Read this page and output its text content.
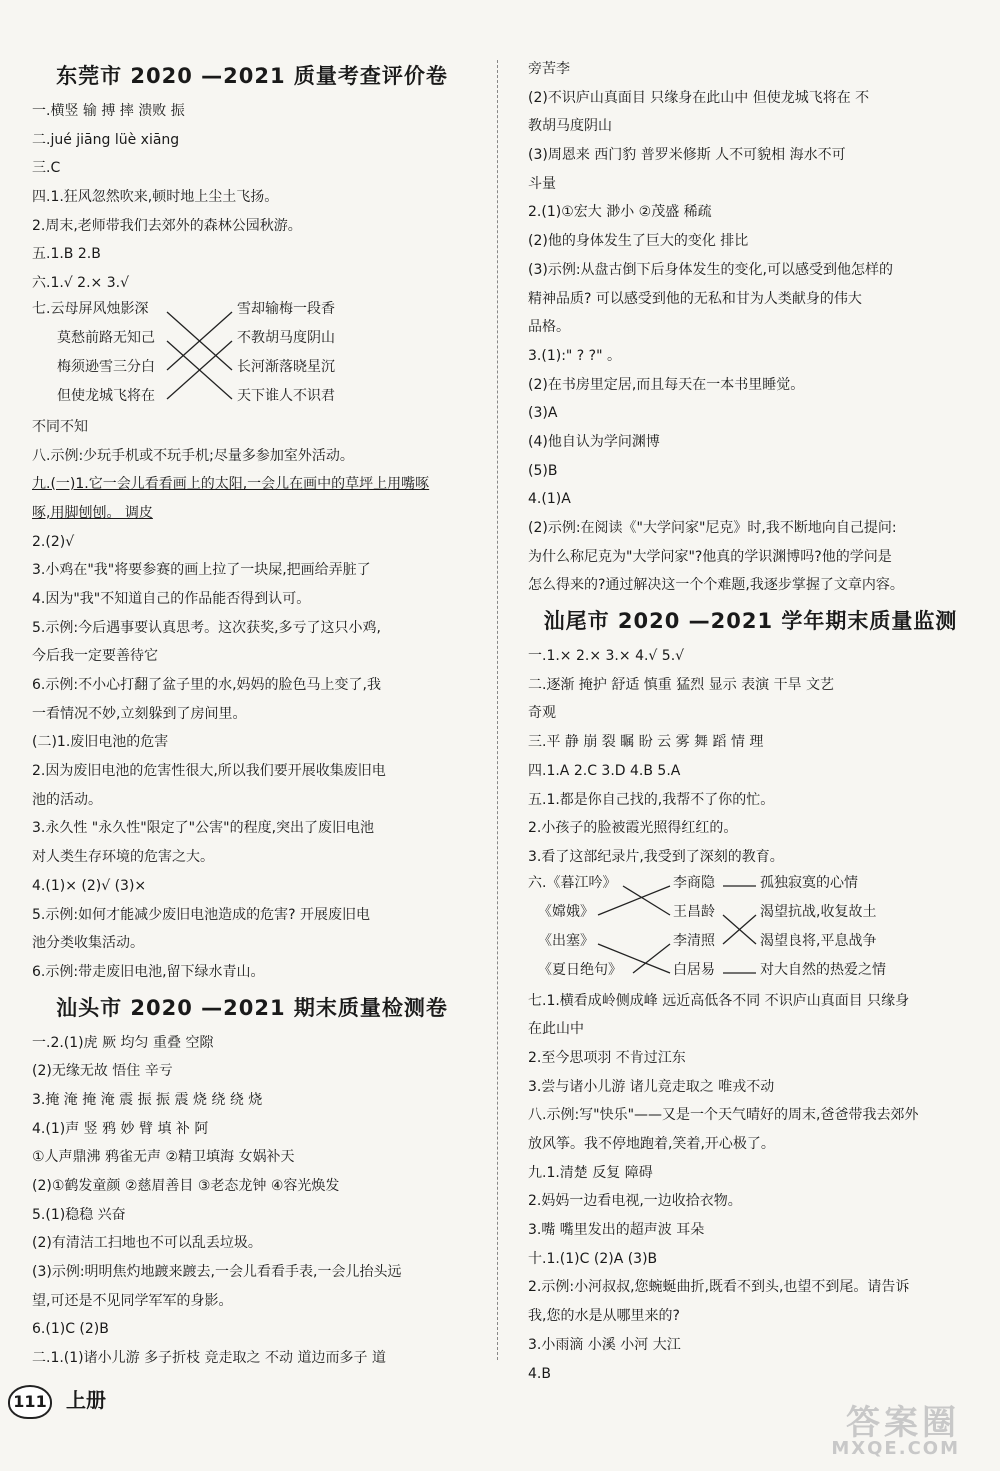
东莞市 2020 —2021 质量考查评价卷
一.横竖 输 搏 摔 溃败 振
二.jué jiāng lüè xiāng
三.C
四.1.狂风忽然吹来,顿时地上尘土飞扬。
2.周末,老师带我们去郊外的森林公园秋游。
五.1.B 2.B
六.1.√ 2.× 3.√
七.云母屏风烛影深	雪却输梅一段香
莫愁前路无知己	不教胡马度阴山
梅须逊雪三分白	长河渐落晓星沉
但使龙城飞将在	天下谁人不识君
不同不知
八.示例:少玩手机或不玩手机;尽量多参加室外活动。
九.(一)1.它一会儿看看画上的太阳,一会儿在画中的草坪上用嘴啄
啄,用脚刨刨。 调皮
2.(2)√
3.小鸡在"我"将要参赛的画上拉了一块屎,把画给弄脏了
4.因为"我"不知道自己的作品能否得到认可。
5.示例:今后遇事要认真思考。这次获奖,多亏了这只小鸡,
今后我一定要善待它
6.示例:不小心打翻了盆子里的水,妈妈的脸色马上变了,我
一看情况不妙,立刻躲到了房间里。
(二)1.废旧电池的危害
2.因为废旧电池的危害性很大,所以我们要开展收集废旧电
池的活动。
3.永久性 "永久性"限定了"公害"的程度,突出了废旧电池
对人类生存环境的危害之大。
4.(1)× (2)√ (3)×
5.示例:如何才能减少废旧电池造成的危害? 开展废旧电
池分类收集活动。
6.示例:带走废旧电池,留下绿水青山。
汕头市 2020 —2021 期末质量检测卷
一.2.(1)虎 厥 均匀 重叠 空隙
(2)无缘无故 悟住 辛亏
3.掩 淹 掩 淹 震 振 振 震 烧 绕 绕 烧
4.(1)声 竖 鸦 妙 臂 填 补 阿
①人声鼎沸 鸦雀无声 ②精卫填海 女娲补天
(2)①鹤发童颜 ②慈眉善目 ③老态龙钟 ④容光焕发
5.(1)稳稳 兴奋
(2)有清洁工扫地也不可以乱丢垃圾。
(3)示例:明明焦灼地踱来踱去,一会儿看看手表,一会儿抬头远
望,可还是不见同学军军的身影。
6.(1)C (2)B
二.1.(1)诸小儿游 多子折枝 竞走取之 不动 道边而多子 道
旁苦李
(2)不识庐山真面目 只缘身在此山中 但使龙城飞将在 不
教胡马度阴山
(3)周恩来 西门豹 普罗米修斯 人不可貌相 海水不可
斗量
2.(1)①宏大 渺小 ②茂盛 稀疏
(2)他的身体发生了巨大的变化 排比
(3)示例:从盘古倒下后身体发生的变化,可以感受到他怎样的
精神品质? 可以感受到他的无私和甘为人类献身的伟大
品格。
3.(1):" ? ?" 。
(2)在书房里定居,而且每天在一本书里睡觉。
(3)A
(4)他自认为学问渊博
(5)B
4.(1)A
(2)示例:在阅读《"大学问家"尼克》时,我不断地向自己提问:
为什么称尼克为"大学问家"?他真的学识渊博吗?他的学问是
怎么得来的?通过解决这一个个难题,我逐步掌握了文章内容。
汕尾市 2020 —2021 学年期末质量监测
一.1.× 2.× 3.× 4.√ 5.√
二.逐渐 掩护 舒适 慎重 猛烈 显示 表演 干旱 文艺
奇观
三.平 静 崩 裂 瞩 盼 云 雾 舞 蹈 情 理
四.1.A 2.C 3.D 4.B 5.A
五.1.都是你自己找的,我帮不了你的忙。
2.小孩子的脸被霞光照得红红的。
3.看了这部纪录片,我受到了深刻的教育。
六.《暮江吟》	李商隐	孤独寂寞的心情
《嫦娥》	王昌龄	渴望抗战,收复故土
《出塞》	李清照	渴望良将,平息战争
《夏日绝句》	白居易	对大自然的热爱之情
七.1.横看成岭侧成峰 远近高低各不同 不识庐山真面目 只缘身
在此山中
2.至今思项羽 不肯过江东
3.尝与诸小儿游 诸儿竞走取之 唯戎不动
八.示例:写"快乐"——又是一个天气晴好的周末,爸爸带我去郊外
放风筝。我不停地跑着,笑着,开心极了。
九.1.清楚 反复 障碍
2.妈妈一边看电视,一边收拾衣物。
3.嘴 嘴里发出的超声波 耳朵
十.1.(1)C (2)A (3)B
2.示例:小河叔叔,您蜿蜒曲折,既看不到头,也望不到尾。请告诉
我,您的水是从哪里来的?
3.小雨滴 小溪 小河 大江
4.B
111 上册
答案圈
MXQE.COM
